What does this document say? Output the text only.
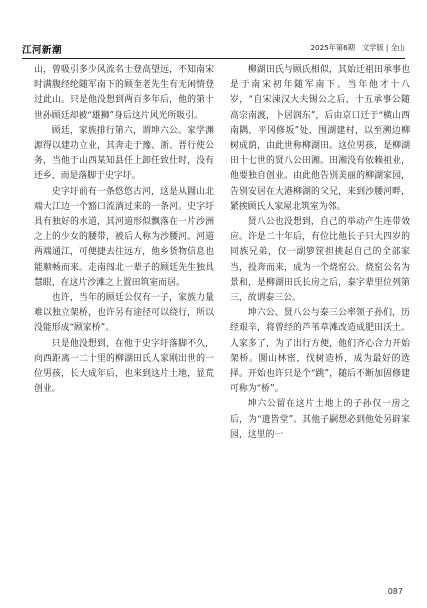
江河新潮	2025年第6期　文学版 | 全山

山，曾吸引多少风流名士登高望远，不知南宋时满腹经纶随军南下的顾奎老先生有无闲情登过此山。只是他没想到两百多年后，他的第十世孙顾廷却被“雄狮”身后这片风光所吸引。

顾廷，家族排行第六，谓坤六公。家学渊源得以建功立业，其奔走于豫、浙、晋行使公务，当他于山西某知县任上卸任致仕时，没有还乡，而是落脚于史字圩。

史字圩前有一条悠悠古河，这是从圌山北端大江边一个豁口流淌过来的一条河。史字圩具有独好的水道，其河道形似飘落在一片沙洲之上的少女的腰带，被后人称为沙腰河。河道两端通江，可便捷去往远方，他乡货物信息也能顺畅而来。走南闯北一辈子的顾廷先生独具慧眼，在这片沙滩之上置田筑室而居。

也许，当年的顾廷公仅有一子，家族力量难以独立架桥，也许另有途径可以绕行，所以没能形成“顾家桥”。

只是他没想到，在他于史字圩落脚不久，向西距离一二十里的柳湖田氏人家刚出世的一位男孩，长大成年后，也来到这片土地，显荒创业。

柳湖田氏与顾氏相似，其始迁祖田承事也是于南宋初年随军南下。当年他才十八岁，“自宋涑汉大夫锡公之后，十五承事公随高宗南渡，卜居润东”，后由京口迁于“横山西南隅，平冈修坂”处，围湖建村，以至溯边柳树成荫，由此世称柳湖田。这位男孩，是柳湖田十七世的贤八公田湘。田湘没有依赖祖业，他要独自创业。由此他告别美丽的柳湖家园，告别安居在大港柳湖的父兄，来到沙腰河畔，紧挨顾氏人家屋北筑室为邻。

贤八公也没想到，自己的举动产生连带效应。许是二十年后，有位比他长子只大四岁的同族兄弟，仅一副箩筐担挑起自己的全部家当，投奔而来，成为一个烧窑公。烧窑公名为景和，是柳湖田氏长房之后，泰字辈里位列第三，故谓泰三公。

坤六公、贤八公与泰三公率领子孙们，历经艰辛，将曾经的芦苇草滩改造成肥田沃土。人家多了，为了出行方便，他们齐心合力开始架桥。圌山林密，伐树造桥，成为最好的选择。开始也许只是个“跳”，随后不断加固修建可称为“桥”。

坤六公留在这片土地上的子孙仅一房之后，为“遗皆堂”。其他子嗣想必到他处另辟家园，这里的一

087
